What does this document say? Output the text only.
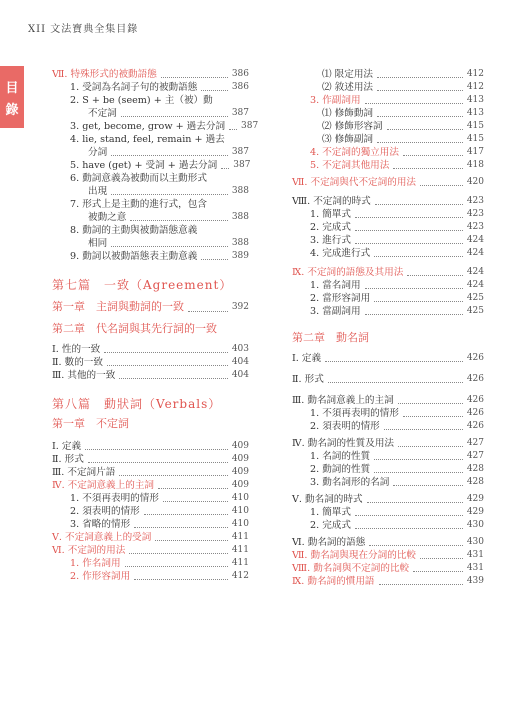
XII 文法寶典全集目錄
目
錄
Ⅶ. 特殊形式的被動語態	386
1. 受詞為名詞子句的被動語態	386
2. S + be (seem) + 主（被）動
不定詞	387
3. get, become, grow + 過去分詞 387
4. lie, stand, feel, remain + 過去
分詞	387
5. have (get) + 受詞 + 過去分詞 387
6. 動詞意義為被動而以主動形式
出現	388
7. 形式上是主動的進行式，包含
被動之意	388
8. 動詞的主動與被動語態意義
相同	388
9. 動詞以被動語態表主動意義	389
第七篇　一致（Agreement）
第一章　主詞與動詞的一致	392
第二章　代名詞與其先行詞的一致
Ⅰ. 性的一致	403
Ⅱ. 數的一致	404
Ⅲ. 其他的一致	404
第八篇　動狀詞（Verbals）
第一章　不定詞
Ⅰ. 定義	409
Ⅱ. 形式	409
Ⅲ. 不定詞片語	409
Ⅳ. 不定詞意義上的主詞	409
1. 不須再表明的情形	410
2. 須表明的情形	410
3. 省略的情形	410
Ⅴ. 不定詞意義上的受詞	411
Ⅵ. 不定詞的用法	411
1. 作名詞用	411
2. 作形容詞用	412
⑴ 限定用法	412
⑵ 敘述用法	412
3. 作副詞用	413
⑴ 修飾動詞	413
⑵ 修飾形容詞	415
⑶ 修飾副詞	415
4. 不定詞的獨立用法	417
5. 不定詞其他用法	418
Ⅶ. 不定詞與代不定詞的用法	420
Ⅷ. 不定詞的時式	423
1. 簡單式	423
2. 完成式	423
3. 進行式	424
4. 完成進行式	424
Ⅸ. 不定詞的語態及其用法	424
1. 當名詞用	424
2. 當形容詞用	425
3. 當副詞用	425
第二章　動名詞
Ⅰ. 定義	426
Ⅱ. 形式	426
Ⅲ. 動名詞意義上的主詞	426
1. 不須再表明的情形	426
2. 須表明的情形	426
Ⅳ. 動名詞的性質及用法	427
1. 名詞的性質	427
2. 動詞的性質	428
3. 動名詞形的名詞	428
Ⅴ. 動名詞的時式	429
1. 簡單式	429
2. 完成式	430
Ⅵ. 動名詞的語態	430
Ⅶ. 動名詞與現在分詞的比較	431
Ⅷ. 動名詞與不定詞的比較	431
Ⅸ. 動名詞的慣用語	439
